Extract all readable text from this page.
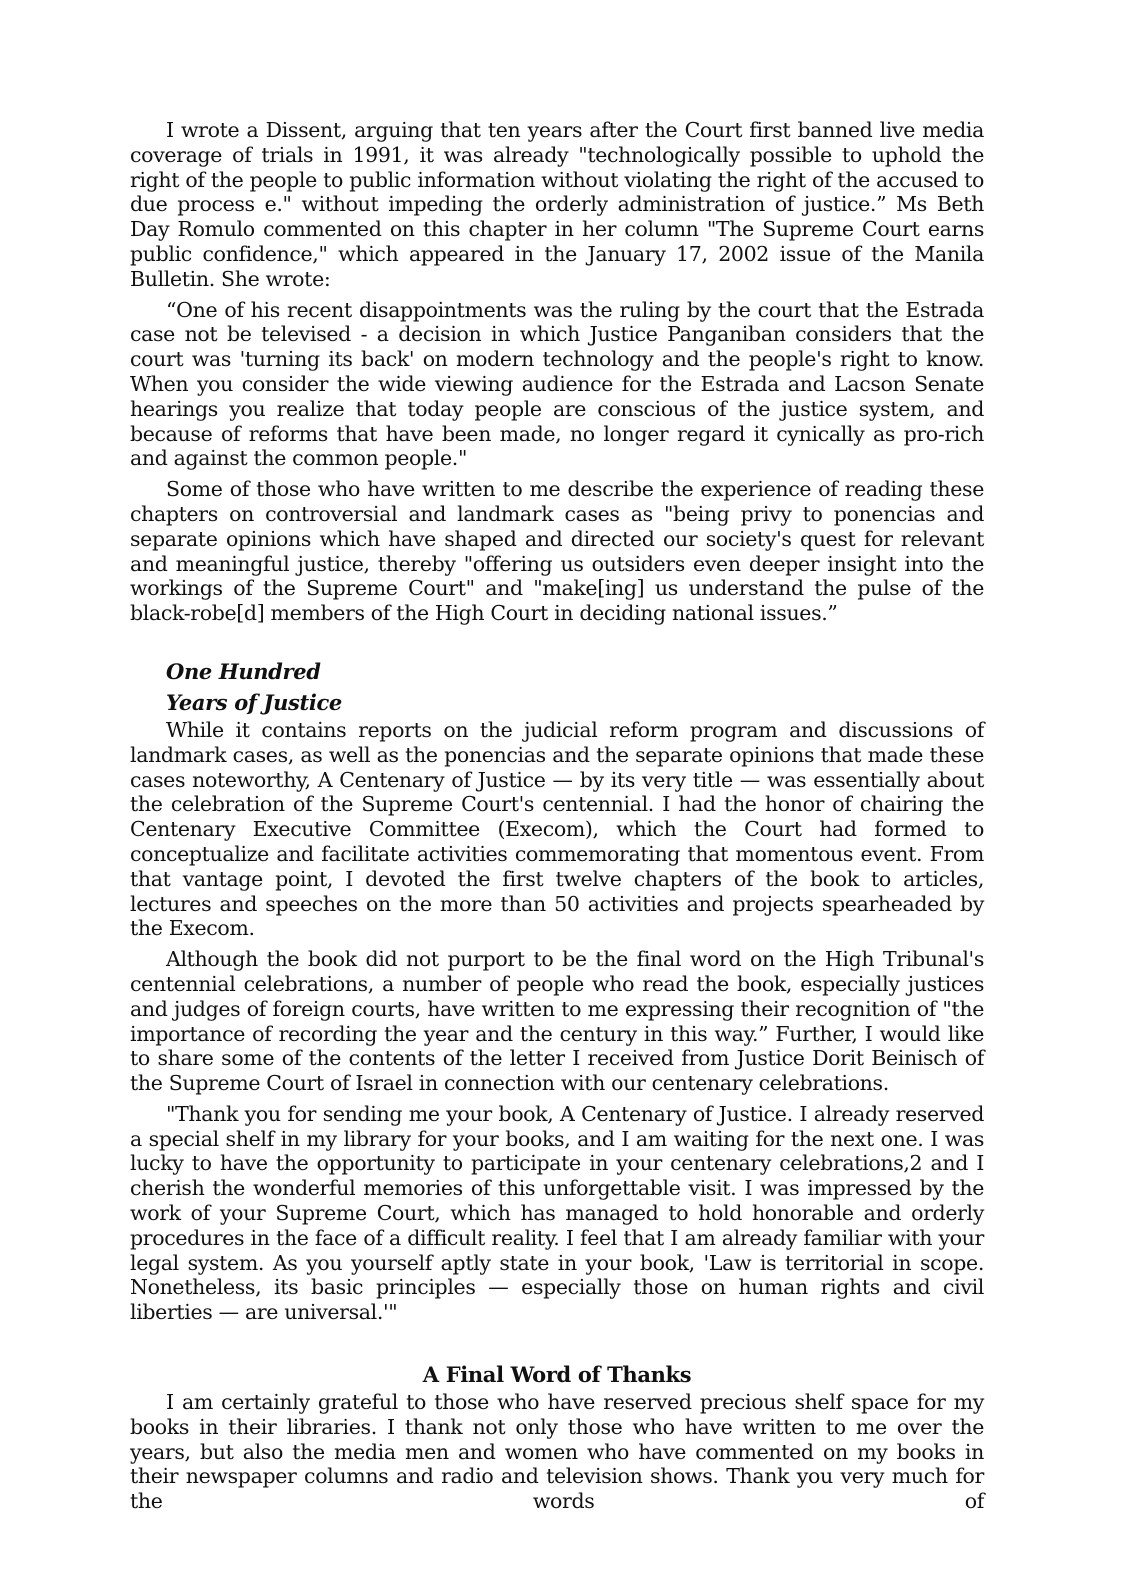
I wrote a Dissent, arguing that ten years after the Court first banned live media coverage of trials in 1991, it was already "technologically possible to uphold the right of the people to public information without violating the right of the accused to due process e." without impeding the orderly administration of justice.” Ms Beth Day Romulo commented on this chapter in her column "The Supreme Court earns public confidence," which appeared in the January 17, 2002 issue of the Manila Bulletin. She wrote:

“One of his recent disappointments was the ruling by the court that the Estrada case not be televised - a decision in which Justice Panganiban considers that the court was 'turning its back' on modern technology and the people's right to know. When you consider the wide viewing audience for the Estrada and Lacson Senate hearings you realize that today people are conscious of the justice system, and because of reforms that have been made, no longer regard it cynically as pro-rich and against the common people."

Some of those who have written to me describe the experience of reading these chapters on controversial and landmark cases as "being privy to ponencias and separate opinions which have shaped and directed our society's quest for relevant and meaningful justice, thereby "offering us outsiders even deeper insight into the workings of the Supreme Court" and "make[ing] us understand the pulse of the black-robe[d] members of the High Court in deciding national issues.”

One Hundred
Years of Justice

While it contains reports on the judicial reform program and discussions of landmark cases, as well as the ponencias and the separate opinions that made these cases noteworthy, A Centenary of Justice — by its very title — was essentially about the celebration of the Supreme Court's centennial. I had the honor of chairing the Centenary Executive Committee (Execom), which the Court had formed to conceptualize and facilitate activities commemorating that momentous event. From that vantage point, I devoted the first twelve chapters of the book to articles, lectures and speeches on the more than 50 activities and projects spearheaded by the Execom.

Although the book did not purport to be the final word on the High Tribunal's centennial celebrations, a number of people who read the book, especially justices and judges of foreign courts, have written to me expressing their recognition of "the importance of recording the year and the century in this way.” Further, I would like to share some of the contents of the letter I received from Justice Dorit Beinisch of the Supreme Court of Israel in connection with our centenary celebrations.

"Thank you for sending me your book, A Centenary of Justice. I already reserved a special shelf in my library for your books, and I am waiting for the next one. I was lucky to have the opportunity to participate in your centenary celebrations,2 and I cherish the wonderful memories of this unforgettable visit. I was impressed by the work of your Supreme Court, which has managed to hold honorable and orderly procedures in the face of a difficult reality. I feel that I am already familiar with your legal system. As you yourself aptly state in your book, 'Law is territorial in scope. Nonetheless, its basic principles — especially those on human rights and civil liberties — are universal.'"

A Final Word of Thanks

I am certainly grateful to those who have reserved precious shelf space for my books in their libraries. I thank not only those who have written to me over the years, but also the media men and women who have commented on my books in their newspaper columns and radio and television shows. Thank you very much for the words of
